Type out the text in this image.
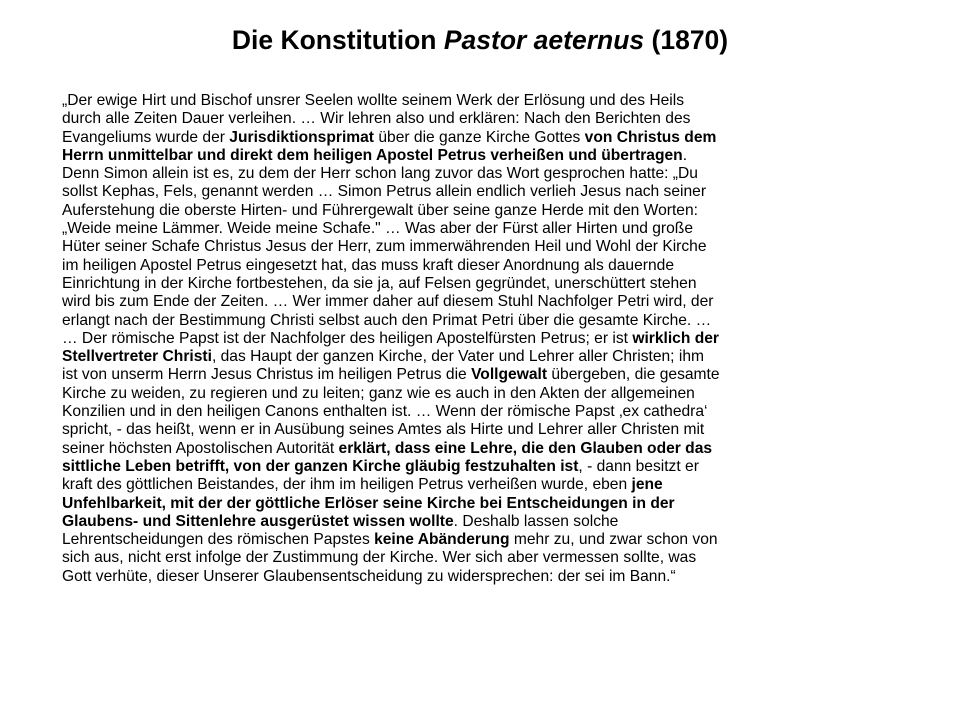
Die Konstitution Pastor aeternus (1870)
„Der ewige Hirt und Bischof unsrer Seelen wollte seinem Werk der Erlösung und des Heils
durch alle Zeiten Dauer verleihen. … Wir lehren also und erklären: Nach den Berichten des
Evangeliums wurde der Jurisdiktionsprimat über die ganze Kirche Gottes von Christus dem
Herrn unmittelbar und direkt dem heiligen Apostel Petrus verheißen und übertragen.
Denn Simon allein ist es, zu dem der Herr schon lang zuvor das Wort gesprochen hatte: „Du
sollst Kephas, Fels, genannt werden … Simon Petrus allein endlich verlieh Jesus nach seiner
Auferstehung die oberste Hirten- und Führergewalt über seine ganze Herde mit den Worten:
„Weide meine Lämmer. Weide meine Schafe." … Was aber der Fürst aller Hirten und große
Hüter seiner Schafe Christus Jesus der Herr, zum immerwährenden Heil und Wohl der Kirche
im heiligen Apostel Petrus eingesetzt hat, das muss kraft dieser Anordnung als dauernde
Einrichtung in der Kirche fortbestehen, da sie ja, auf Felsen gegründet, unerschüttert stehen
wird bis zum Ende der Zeiten. … Wer immer daher auf diesem Stuhl Nachfolger Petri wird, der
erlangt nach der Bestimmung Christi selbst auch den Primat Petri über die gesamte Kirche. …
… Der römische Papst ist der Nachfolger des heiligen Apostelfürsten Petrus; er ist wirklich der
Stellvertreter Christi, das Haupt der ganzen Kirche, der Vater und Lehrer aller Christen; ihm
ist von unserm Herrn Jesus Christus im heiligen Petrus die Vollgewalt übergeben, die gesamte
Kirche zu weiden, zu regieren und zu leiten; ganz wie es auch in den Akten der allgemeinen
Konzilien und in den heiligen Canons enthalten ist. … Wenn der römische Papst ‚ex cathedra‘
spricht, - das heißt, wenn er in Ausübung seines Amtes als Hirte und Lehrer aller Christen mit
seiner höchsten Apostolischen Autorität erklärt, dass eine Lehre, die den Glauben oder das
sittliche Leben betrifft, von der ganzen Kirche gläubig festzuhalten ist, - dann besitzt er
kraft des göttlichen Beistandes, der ihm im heiligen Petrus verheißen wurde, eben jene
Unfehlbarkeit, mit der der göttliche Erlöser seine Kirche bei Entscheidungen in der
Glaubens- und Sittenlehre ausgerüstet wissen wollte. Deshalb lassen solche
Lehrentscheidungen des römischen Papstes keine Abänderung mehr zu, und zwar schon von
sich aus, nicht erst infolge der Zustimmung der Kirche. Wer sich aber vermessen sollte, was
Gott verhüte, dieser Unserer Glaubensentscheidung zu widersprechen: der sei im Bann.“
